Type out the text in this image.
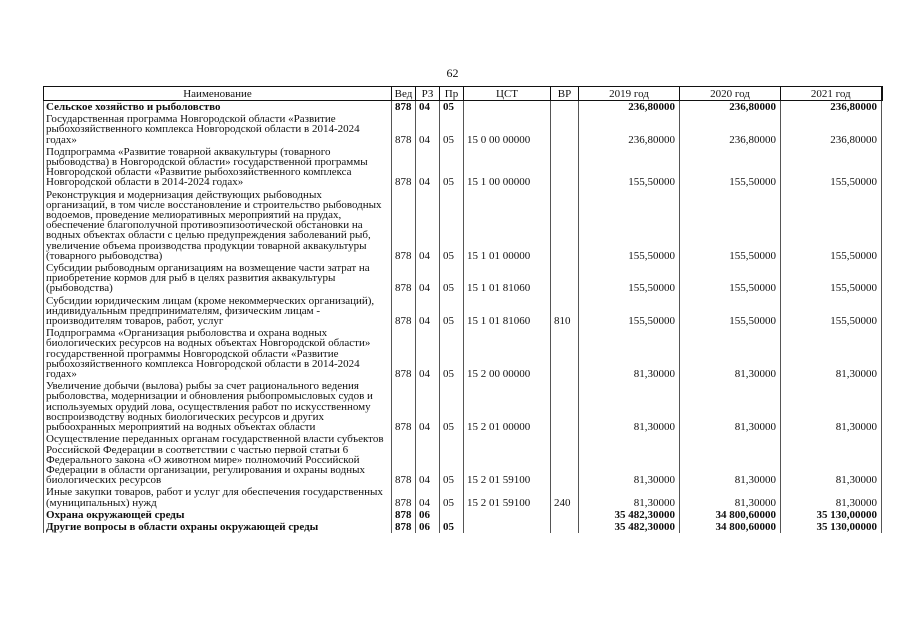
62
Наименование	Вед	РЗ	Пр	ЦСТ	ВР	2019 год	2020 год	2021 год
Сельское хозяйство и рыболовство	878	04	05			236,80000	236,80000	236,80000
Государственная программа Новгородской области «Развитие рыбохозяйственного комплекса Новгородской области в 2014-2024 годах»	878	04	05	15 0 00 00000		236,80000	236,80000	236,80000
Подпрограмма «Развитие товарной аквакультуры (товарного рыбоводства) в Новгородской области» государственной программы Новгородской области «Развитие рыбохозяйственного комплекса Новгородской области в 2014-2024 годах»	878	04	05	15 1 00 00000		155,50000	155,50000	155,50000
Реконструкция и модернизация действующих рыбоводных организаций, в том числе восстановление и строительство рыбоводных водоемов, проведение мелиоративных мероприятий на прудах, обеспечение благополучной противоэпизоотической обстановки на водных объектах области с целью предупреждения заболеваний рыб, увеличение объема производства продукции товарной аквакультуры (товарного рыбоводства)	878	04	05	15 1 01 00000		155,50000	155,50000	155,50000
Субсидии рыбоводным организациям на возмещение части затрат на приобретение кормов для рыб в целях развития аквакультуры (рыбоводства)	878	04	05	15 1 01 81060		155,50000	155,50000	155,50000
Субсидии юридическим лицам (кроме некоммерческих организаций), индивидуальным предпринимателям, физическим лицам - производителям товаров, работ, услуг	878	04	05	15 1 01 81060	810	155,50000	155,50000	155,50000
Подпрограмма «Организация рыболовства и охрана водных биологических ресурсов на водных объектах Новгородской области» государственной программы Новгородской области «Развитие рыбохозяйственного комплекса Новгородской области в 2014-2024 годах»	878	04	05	15 2 00 00000		81,30000	81,30000	81,30000
Увеличение добычи (вылова) рыбы за счет рационального ведения рыболовства, модернизации и обновления рыбопромысловых судов и используемых орудий лова, осуществления работ по искусственному воспроизводству водных биологических ресурсов и других рыбоохранных мероприятий на водных объектах области	878	04	05	15 2 01 00000		81,30000	81,30000	81,30000
Осуществление переданных органам государственной власти субъектов Российской Федерации в соответствии с частью первой статьи 6 Федерального закона «О животном мире» полномочий Российской Федерации в области организации, регулирования и охраны водных биологических ресурсов	878	04	05	15 2 01 59100		81,30000	81,30000	81,30000
Иные закупки товаров, работ и услуг для обеспечения государственных (муниципальных) нужд	878	04	05	15 2 01 59100	240	81,30000	81,30000	81,30000
Охрана окружающей среды	878	06				35 482,30000	34 800,60000	35 130,00000
Другие вопросы в области охраны окружающей среды	878	06	05			35 482,30000	34 800,60000	35 130,00000
